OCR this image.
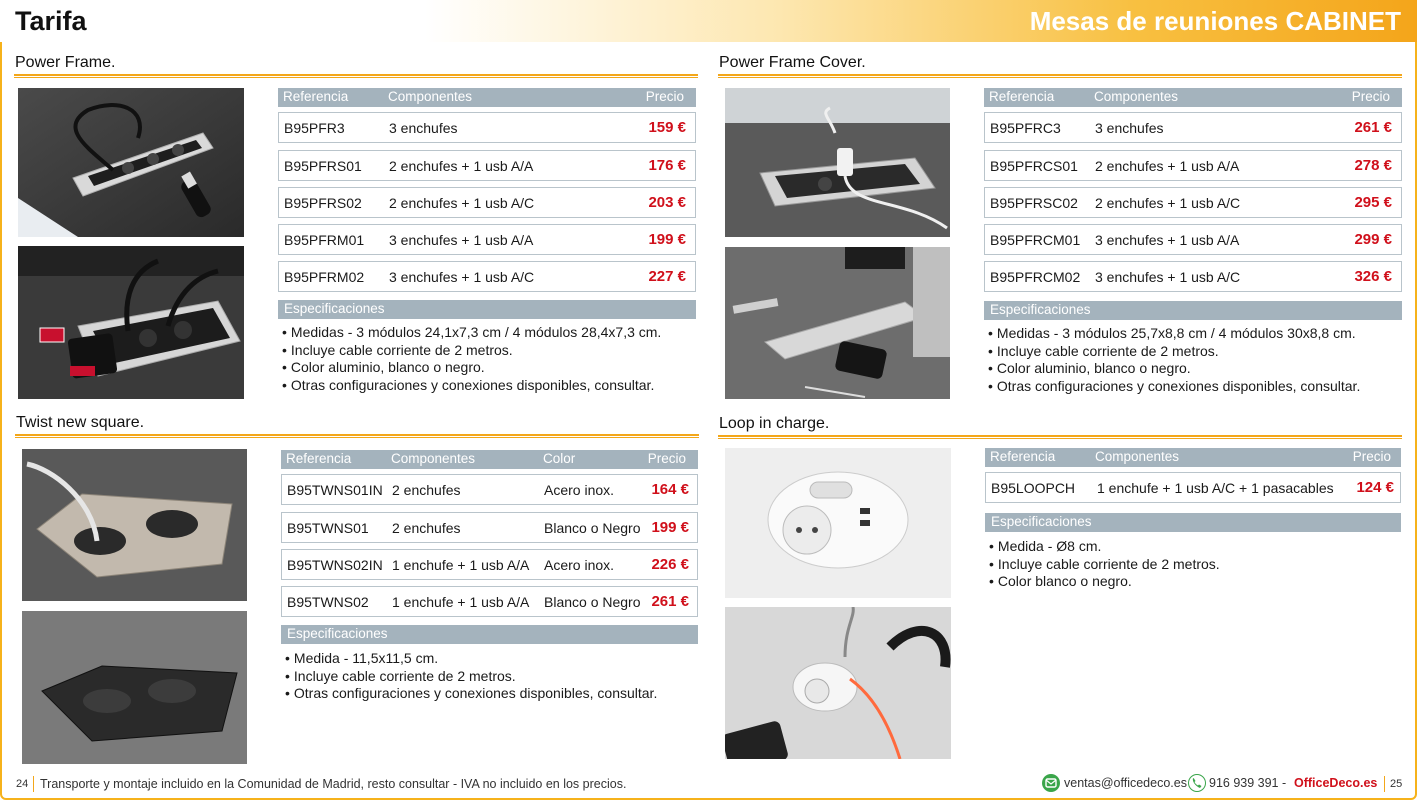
Tarifa	Mesas de reuniones CABINET
Power Frame.
Referencia	Componentes	Precio
B95PFR3	3 enchufes	159 €
B95PFRS01 2 enchufes + 1 usb A/A	176 €
B95PFRS02 2 enchufes + 1 usb A/C	203 €
B95PFRM01 3 enchufes + 1 usb A/A	199 €
B95PFRM02 3 enchufes + 1 usb A/C	227 €
Especificaciones
• Medidas - 3 módulos 24,1x7,3 cm / 4 módulos 28,4x7,3 cm.
• Incluye cable corriente de 2 metros.
• Color aluminio, blanco o negro.
• Otras configuraciones y conexiones disponibles, consultar.
Power Frame Cover.
Referencia	Componentes	Precio
B95PFRC3 3 enchufes	261 €
B95PFRCS01 2 enchufes + 1 usb A/A	278 €
B95PFRSC02 2 enchufes + 1 usb A/C	295 €
B95PFRCM01 3 enchufes + 1 usb A/A	299 €
B95PFRCM02 3 enchufes + 1 usb A/C	326 €
Especificaciones
• Medidas - 3 módulos 25,7x8,8 cm / 4 módulos 30x8,8 cm.
• Incluye cable corriente de 2 metros.
• Color aluminio, blanco o negro.
• Otras configuraciones y conexiones disponibles, consultar.
Twist new square.
Referencia	Componentes	Color	Precio
B95TWNS01IN 2 enchufes	Acero inox. 164 €
B95TWNS01 2 enchufes	Blanco o Negro 199 €
B95TWNS02IN 1 enchufe + 1 usb A/A Acero inox. 226 €
B95TWNS02 1 enchufe + 1 usb A/A Blanco o Negro 261 €
Especificaciones
• Medida - 11,5x11,5 cm.
• Incluye cable corriente de 2 metros.
• Otras configuraciones y conexiones disponibles, consultar.
Loop in charge.
Referencia	Componentes	Precio
B95LOOPCH 1 enchufe + 1 usb A/C + 1 pasacables 124 €
Especificaciones
• Medida - Ø8 cm.
• Incluye cable corriente de 2 metros.
• Color blanco o negro.
24 Transporte y montaje incluido en la Comunidad de Madrid, resto consultar - IVA no incluido en los precios.	ventas@officedeco.es 916 939 391 - OfficeDeco.es 25
